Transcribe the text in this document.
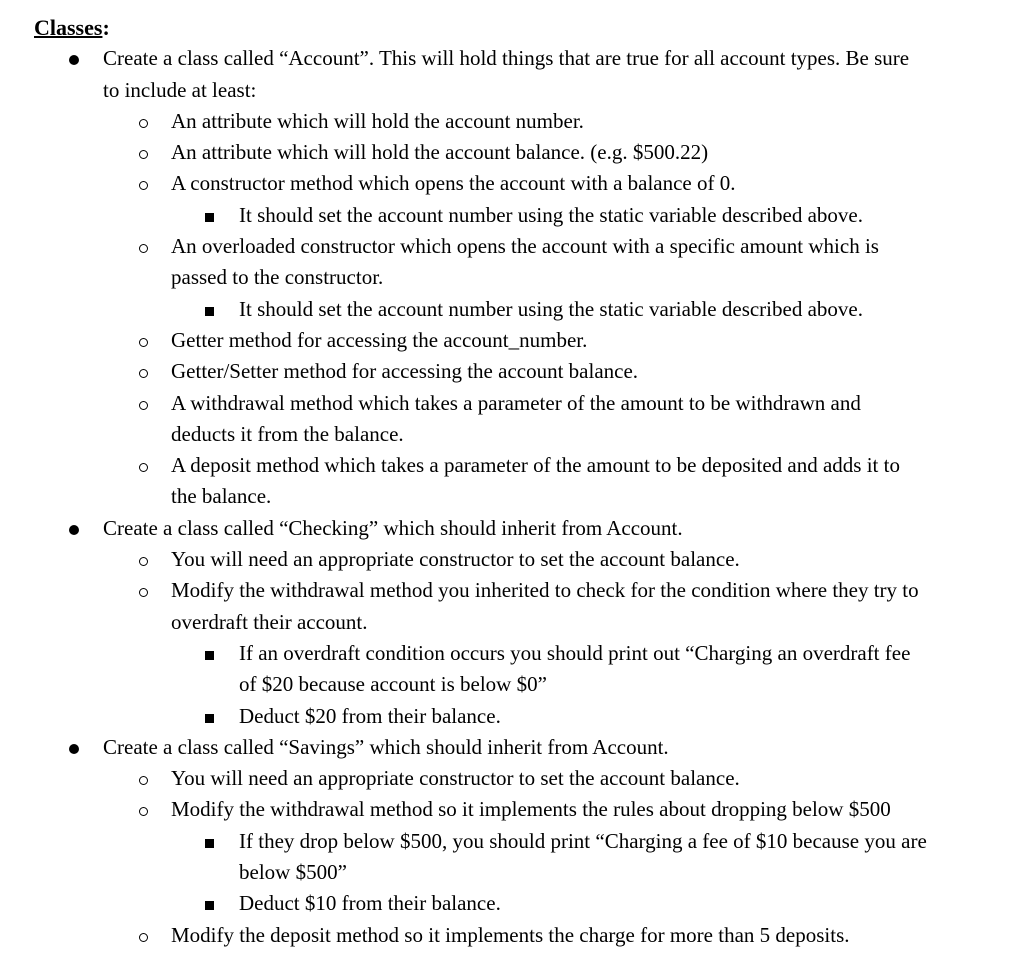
Classes:
Create a class called “Account”. This will hold things that are true for all account types. Be sure
to include at least:
An attribute which will hold the account number.
An attribute which will hold the account balance. (e.g. $500.22)
A constructor method which opens the account with a balance of 0.
It should set the account number using the static variable described above.
An overloaded constructor which opens the account with a specific amount which is
passed to the constructor.
It should set the account number using the static variable described above.
Getter method for accessing the account_number.
Getter/Setter method for accessing the account balance.
A withdrawal method which takes a parameter of the amount to be withdrawn and
deducts it from the balance.
A deposit method which takes a parameter of the amount to be deposited and adds it to
the balance.
Create a class called “Checking” which should inherit from Account.
You will need an appropriate constructor to set the account balance.
Modify the withdrawal method you inherited to check for the condition where they try to
overdraft their account.
If an overdraft condition occurs you should print out “Charging an overdraft fee
of $20 because account is below $0”
Deduct $20 from their balance.
Create a class called “Savings” which should inherit from Account.
You will need an appropriate constructor to set the account balance.
Modify the withdrawal method so it implements the rules about dropping below $500
If they drop below $500, you should print “Charging a fee of $10 because you are
below $500”
Deduct $10 from their balance.
Modify the deposit method so it implements the charge for more than 5 deposits.
